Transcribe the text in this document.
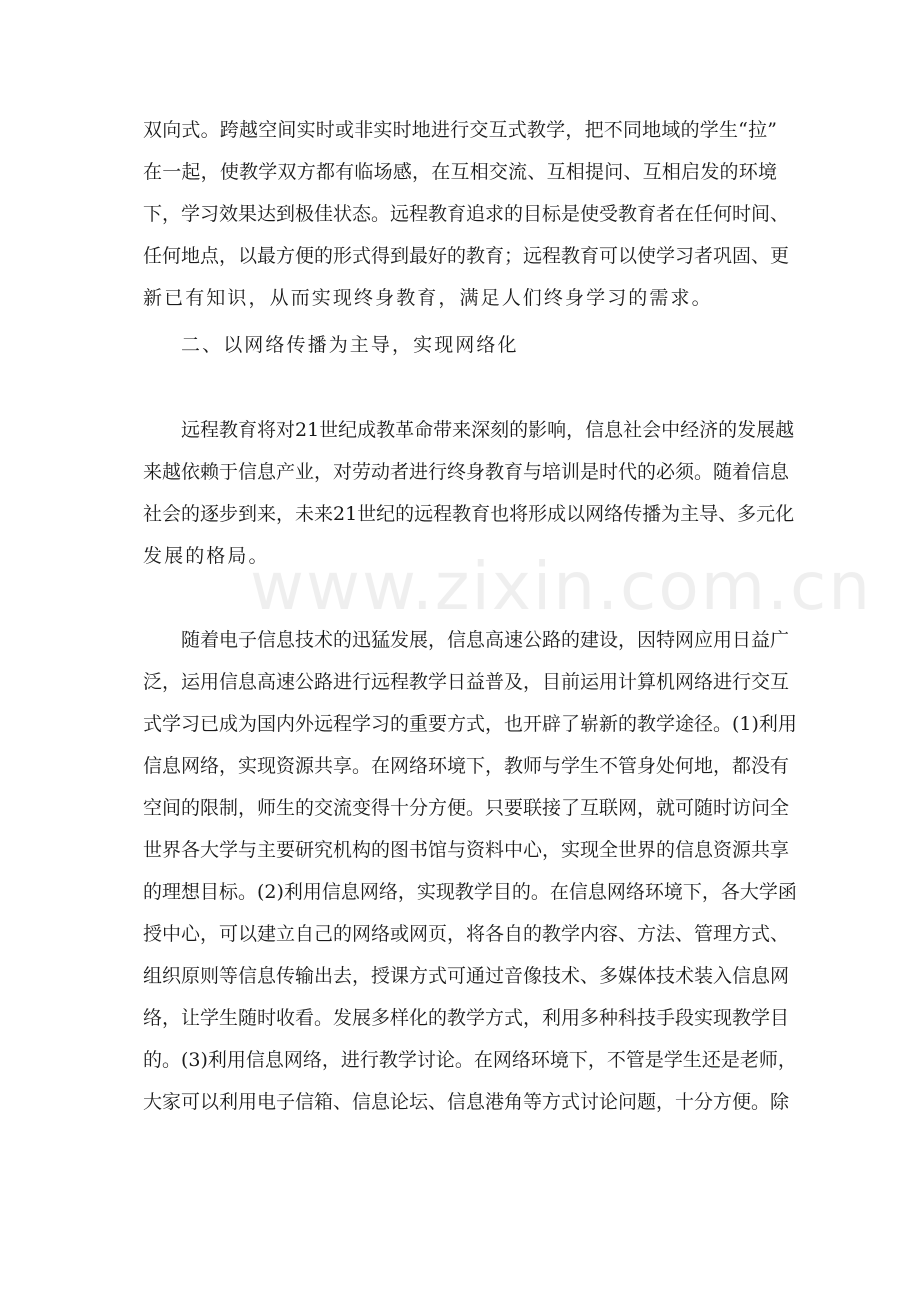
www.zixin.com.cn
双向式。跨越空间实时或非实时地进行交互式教学，把不同地域的学生“拉”
在一起，使教学双方都有临场感，在互相交流、互相提问、互相启发的环境
下，学习效果达到极佳状态。远程教育追求的目标是使受教育者在任何时间、
任何地点，以最方便的形式得到最好的教育；远程教育可以使学习者巩固、更
新已有知识，从而实现终身教育，满足人们终身学习的需求。
二、以网络传播为主导，实现网络化
远程教育将对21世纪成教革命带来深刻的影响，信息社会中经济的发展越
来越依赖于信息产业，对劳动者进行终身教育与培训是时代的必须。随着信息
社会的逐步到来，未来21世纪的远程教育也将形成以网络传播为主导、多元化
发展的格局。
随着电子信息技术的迅猛发展，信息高速公路的建设，因特网应用日益广
泛，运用信息高速公路进行远程教学日益普及，目前运用计算机网络进行交互
式学习已成为国内外远程学习的重要方式，也开辟了崭新的教学途径。(1)利用
信息网络，实现资源共享。在网络环境下，教师与学生不管身处何地，都没有
空间的限制，师生的交流变得十分方便。只要联接了互联网，就可随时访问全
世界各大学与主要研究机构的图书馆与资料中心，实现全世界的信息资源共享
的理想目标。(2)利用信息网络，实现教学目的。在信息网络环境下，各大学函
授中心，可以建立自己的网络或网页，将各自的教学内容、方法、管理方式、
组织原则等信息传输出去，授课方式可通过音像技术、多媒体技术装入信息网
络，让学生随时收看。发展多样化的教学方式，利用多种科技手段实现教学目
的。(3)利用信息网络，进行教学讨论。在网络环境下，不管是学生还是老师，
大家可以利用电子信箱、信息论坛、信息港角等方式讨论问题，十分方便。除
